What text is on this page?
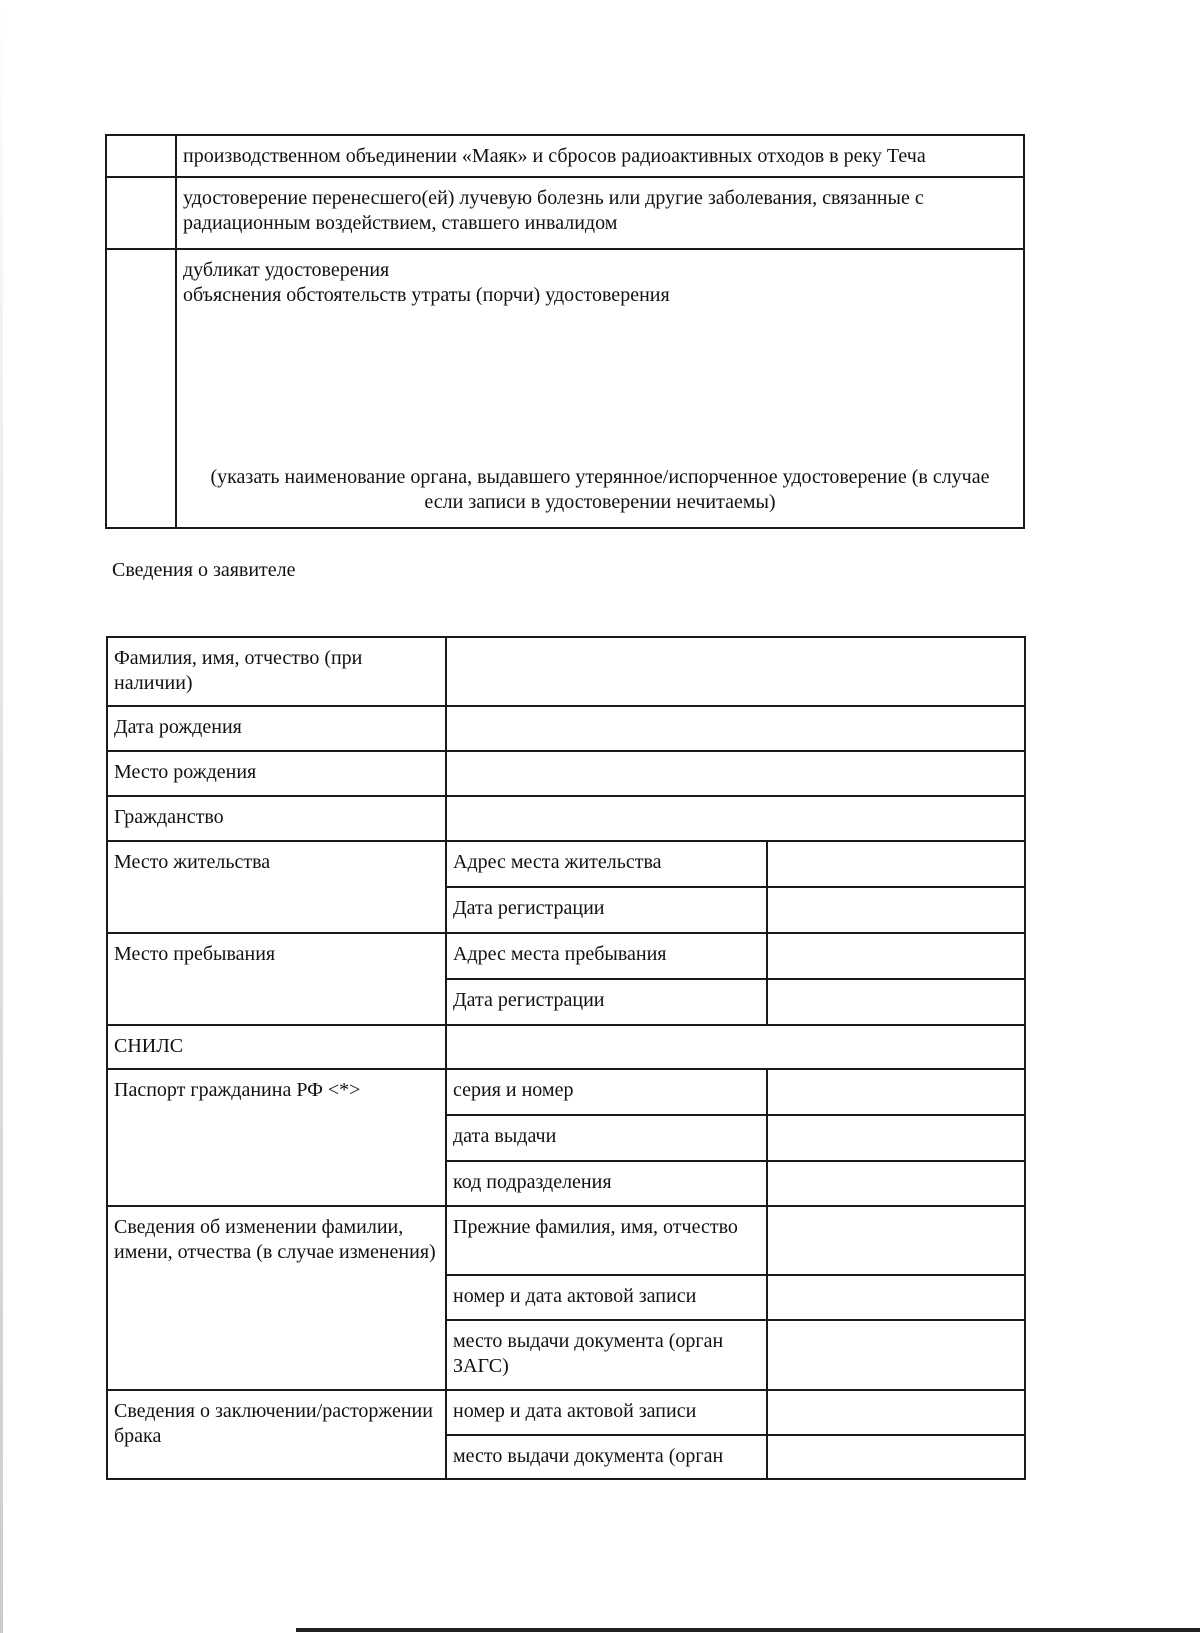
	производственном объединении «Маяк» и сбросов радиоактивных отходов в реку Теча
	удостоверение перенесшего(ей) лучевую болезнь или другие заболевания, связанные с радиационным воздействием, ставшего инвалидом

	дубликат удостоверения
объяснения обстоятельств утраты (порчи) удостоверения
(указать наименование органа, выдавшего утерянное/испорченное удостоверение (в случае если записи в удостоверении нечитаемы)
Сведения о заявителе
Фамилия, имя, отчество (при наличии)		
Дата рождения		
Место рождения		
Гражданство		
Место жительства	Адрес места жительства	
	Дата регистрации	
Место пребывания	Адрес места пребывания	
	Дата регистрации	
СНИЛС		
Паспорт гражданина РФ <*>	серия и номер	
	дата выдачи	
	код подразделения	
Сведения об изменении фамилии, имени, отчества (в случае изменения)	Прежние фамилия, имя, отчество	
	номер и дата актовой записи	
	место выдачи документа (орган ЗАГС)	
Сведения о заключении/расторжении брака	номер и дата актовой записи	
	место выдачи документа (орган	
